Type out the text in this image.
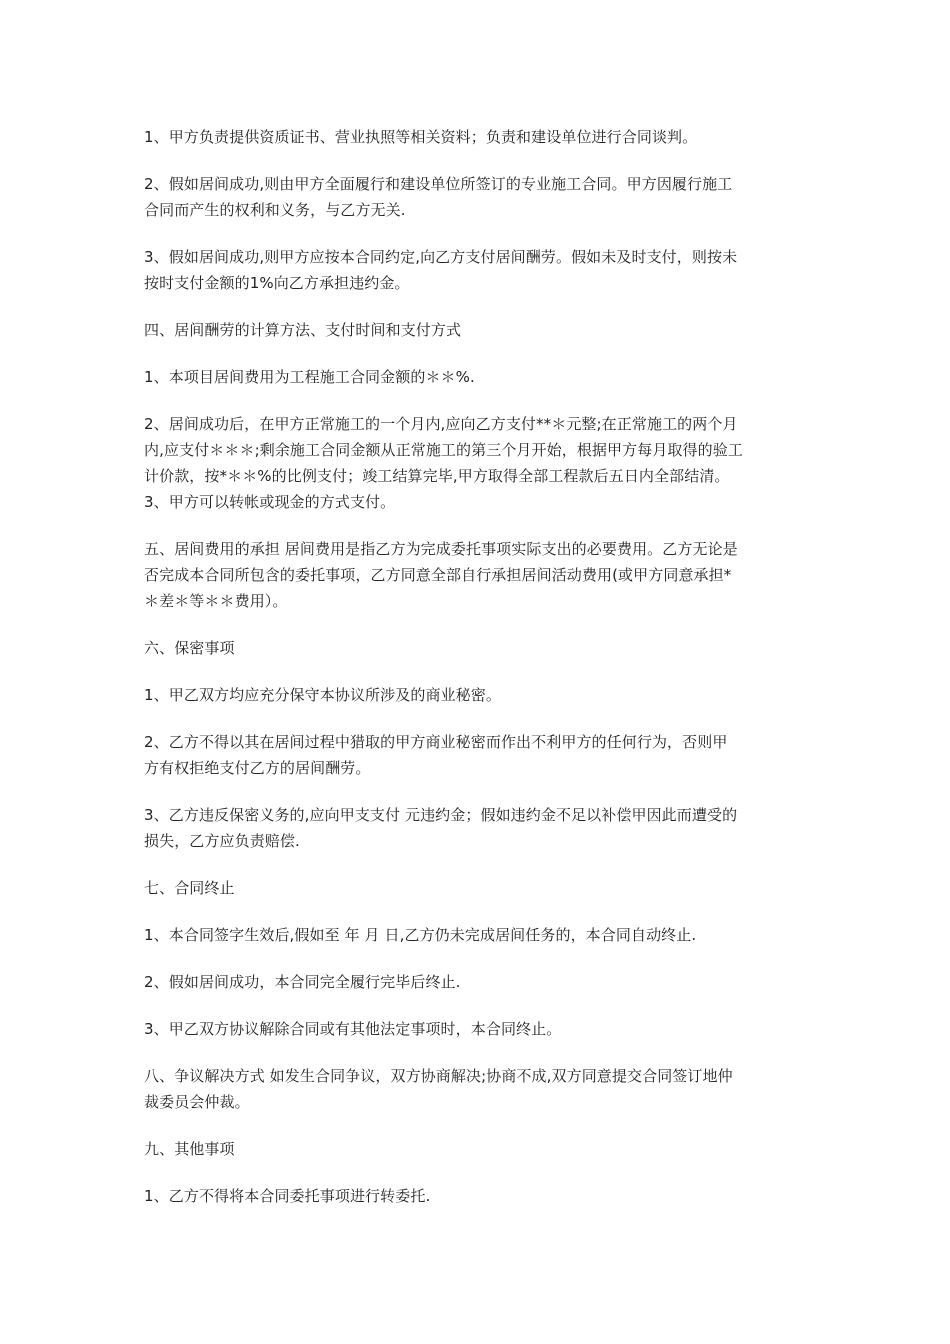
1、甲方负责提供资质证书、营业执照等相关资料；负责和建设单位进行合同谈判。

2、假如居间成功,则由甲方全面履行和建设单位所签订的专业施工合同。甲方因履行施工
合同而产生的权利和义务，与乙方无关.

3、假如居间成功,则甲方应按本合同约定,向乙方支付居间酬劳。假如未及时支付，则按未
按时支付金额的1%向乙方承担违约金。

四、居间酬劳的计算方法、支付时间和支付方式

1、本项目居间费用为工程施工合同金额的＊＊%.

2、居间成功后，在甲方正常施工的一个月内,应向乙方支付**＊元整;在正常施工的两个月
内,应支付＊＊＊;剩余施工合同金额从正常施工的第三个月开始，根据甲方每月取得的验工
计价款，按*＊＊%的比例支付；竣工结算完毕,甲方取得全部工程款后五日内全部结清。

3、甲方可以转帐或现金的方式支付。

五、居间费用的承担 居间费用是指乙方为完成委托事项实际支出的必要费用。乙方无论是
否完成本合同所包含的委托事项，乙方同意全部自行承担居间活动费用(或甲方同意承担*
＊差＊等＊＊费用）。

六、保密事项

1、甲乙双方均应充分保守本协议所涉及的商业秘密。

2、乙方不得以其在居间过程中猎取的甲方商业秘密而作出不利甲方的任何行为，否则甲
方有权拒绝支付乙方的居间酬劳。

3、乙方违反保密义务的,应向甲支支付 元违约金；假如违约金不足以补偿甲因此而遭受的
损失，乙方应负责赔偿.

七、合同终止

1、本合同签字生效后,假如至 年 月 日,乙方仍未完成居间任务的，本合同自动终止.

2、假如居间成功，本合同完全履行完毕后终止.

3、甲乙双方协议解除合同或有其他法定事项时，本合同终止。

八、争议解决方式 如发生合同争议，双方协商解决;协商不成,双方同意提交合同签订地仲
裁委员会仲裁。

九、其他事项

1、乙方不得将本合同委托事项进行转委托.
